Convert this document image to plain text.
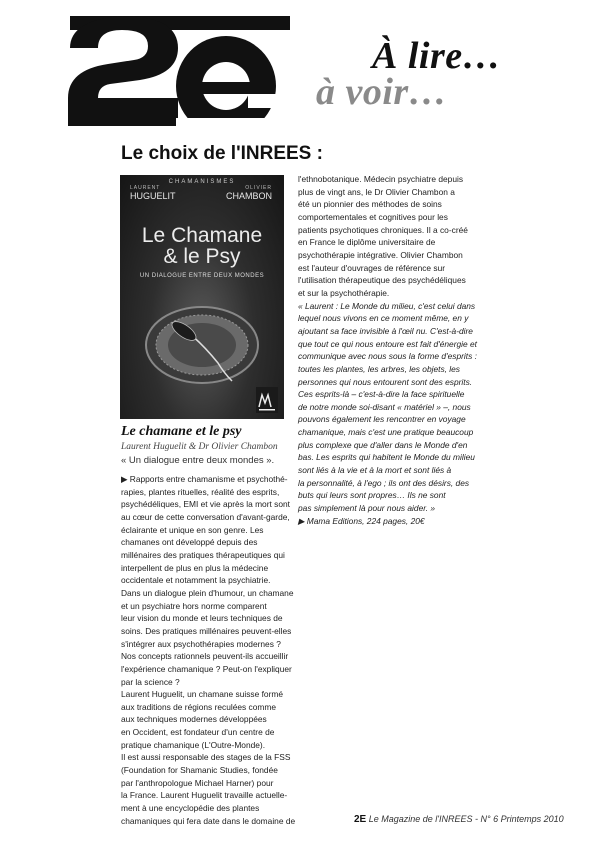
À lire…
à voir…
Le choix de l'INREES :
CHAMANISMES
LAURENT	OLIVIER
HUGUELIT	CHAMBON
Le Chamane
& le Psy
UN DIALOGUE ENTRE DEUX MONDES
Le chamane et le psy
Laurent Huguelit & Dr Olivier Chambon
« Un dialogue entre deux mondes ».
▶ Rapports entre chamanisme et psychothé-
rapies, plantes rituelles, réalité des esprits,
psychédéliques, EMI et vie après la mort sont
au cœur de cette conversation d'avant-garde,
éclairante et unique en son genre. Les
chamanes ont développé depuis des
millénaires des pratiques thérapeutiques qui
interpellent de plus en plus la médecine
occidentale et notamment la psychiatrie.
Dans un dialogue plein d'humour, un chamane
et un psychiatre hors norme comparent
leur vision du monde et leurs techniques de
soins. Des pratiques millénaires peuvent-elles
s'intégrer aux psychothérapies modernes ?
Nos concepts rationnels peuvent-ils accueillir
l'expérience chamanique ? Peut-on l'expliquer
par la science ?
Laurent Huguelit, un chamane suisse formé
aux traditions de régions reculées comme
aux techniques modernes développées
en Occident, est fondateur d'un centre de
pratique chamanique (L'Outre-Monde).
Il est aussi responsable des stages de la FSS
(Foundation for Shamanic Studies, fondée
par l'anthropologue Michael Harner) pour
la France. Laurent Huguelit travaille actuelle-
ment à une encyclopédie des plantes
chamaniques qui fera date dans le domaine de
l'ethnobotanique. Médecin psychiatre depuis
plus de vingt ans, le Dr Olivier Chambon a
été un pionnier des méthodes de soins
comportementales et cognitives pour les
patients psychotiques chroniques. Il a co-créé
en France le diplôme universitaire de
psychothérapie intégrative. Olivier Chambon
est l'auteur d'ouvrages de référence sur
l'utilisation thérapeutique des psychédéliques
et sur la psychothérapie.
« Laurent : Le Monde du milieu, c'est celui dans
lequel nous vivons en ce moment même, en y
ajoutant sa face invisible à l'œil nu. C'est-à-dire
que tout ce qui nous entoure est fait d'énergie et
communique avec nous sous la forme d'esprits :
toutes les plantes, les arbres, les objets, les
personnes qui nous entourent sont des esprits.
Ces esprits-là – c'est-à-dire la face spirituelle
de notre monde soi-disant « matériel » –, nous
pouvons également les rencontrer en voyage
chamanique, mais c'est une pratique beaucoup
plus complexe que d'aller dans le Monde d'en
bas. Les esprits qui habitent le Monde du milieu
sont liés à la vie et à la mort et sont liés à
la personnalité, à l'ego ; ils ont des désirs, des
buts qui leurs sont propres… Ils ne sont
pas simplement là pour nous aider. »
▶ Mama Editions, 224 pages, 20€
2E Le Magazine de l'INREES - N° 6 Printemps 2010
